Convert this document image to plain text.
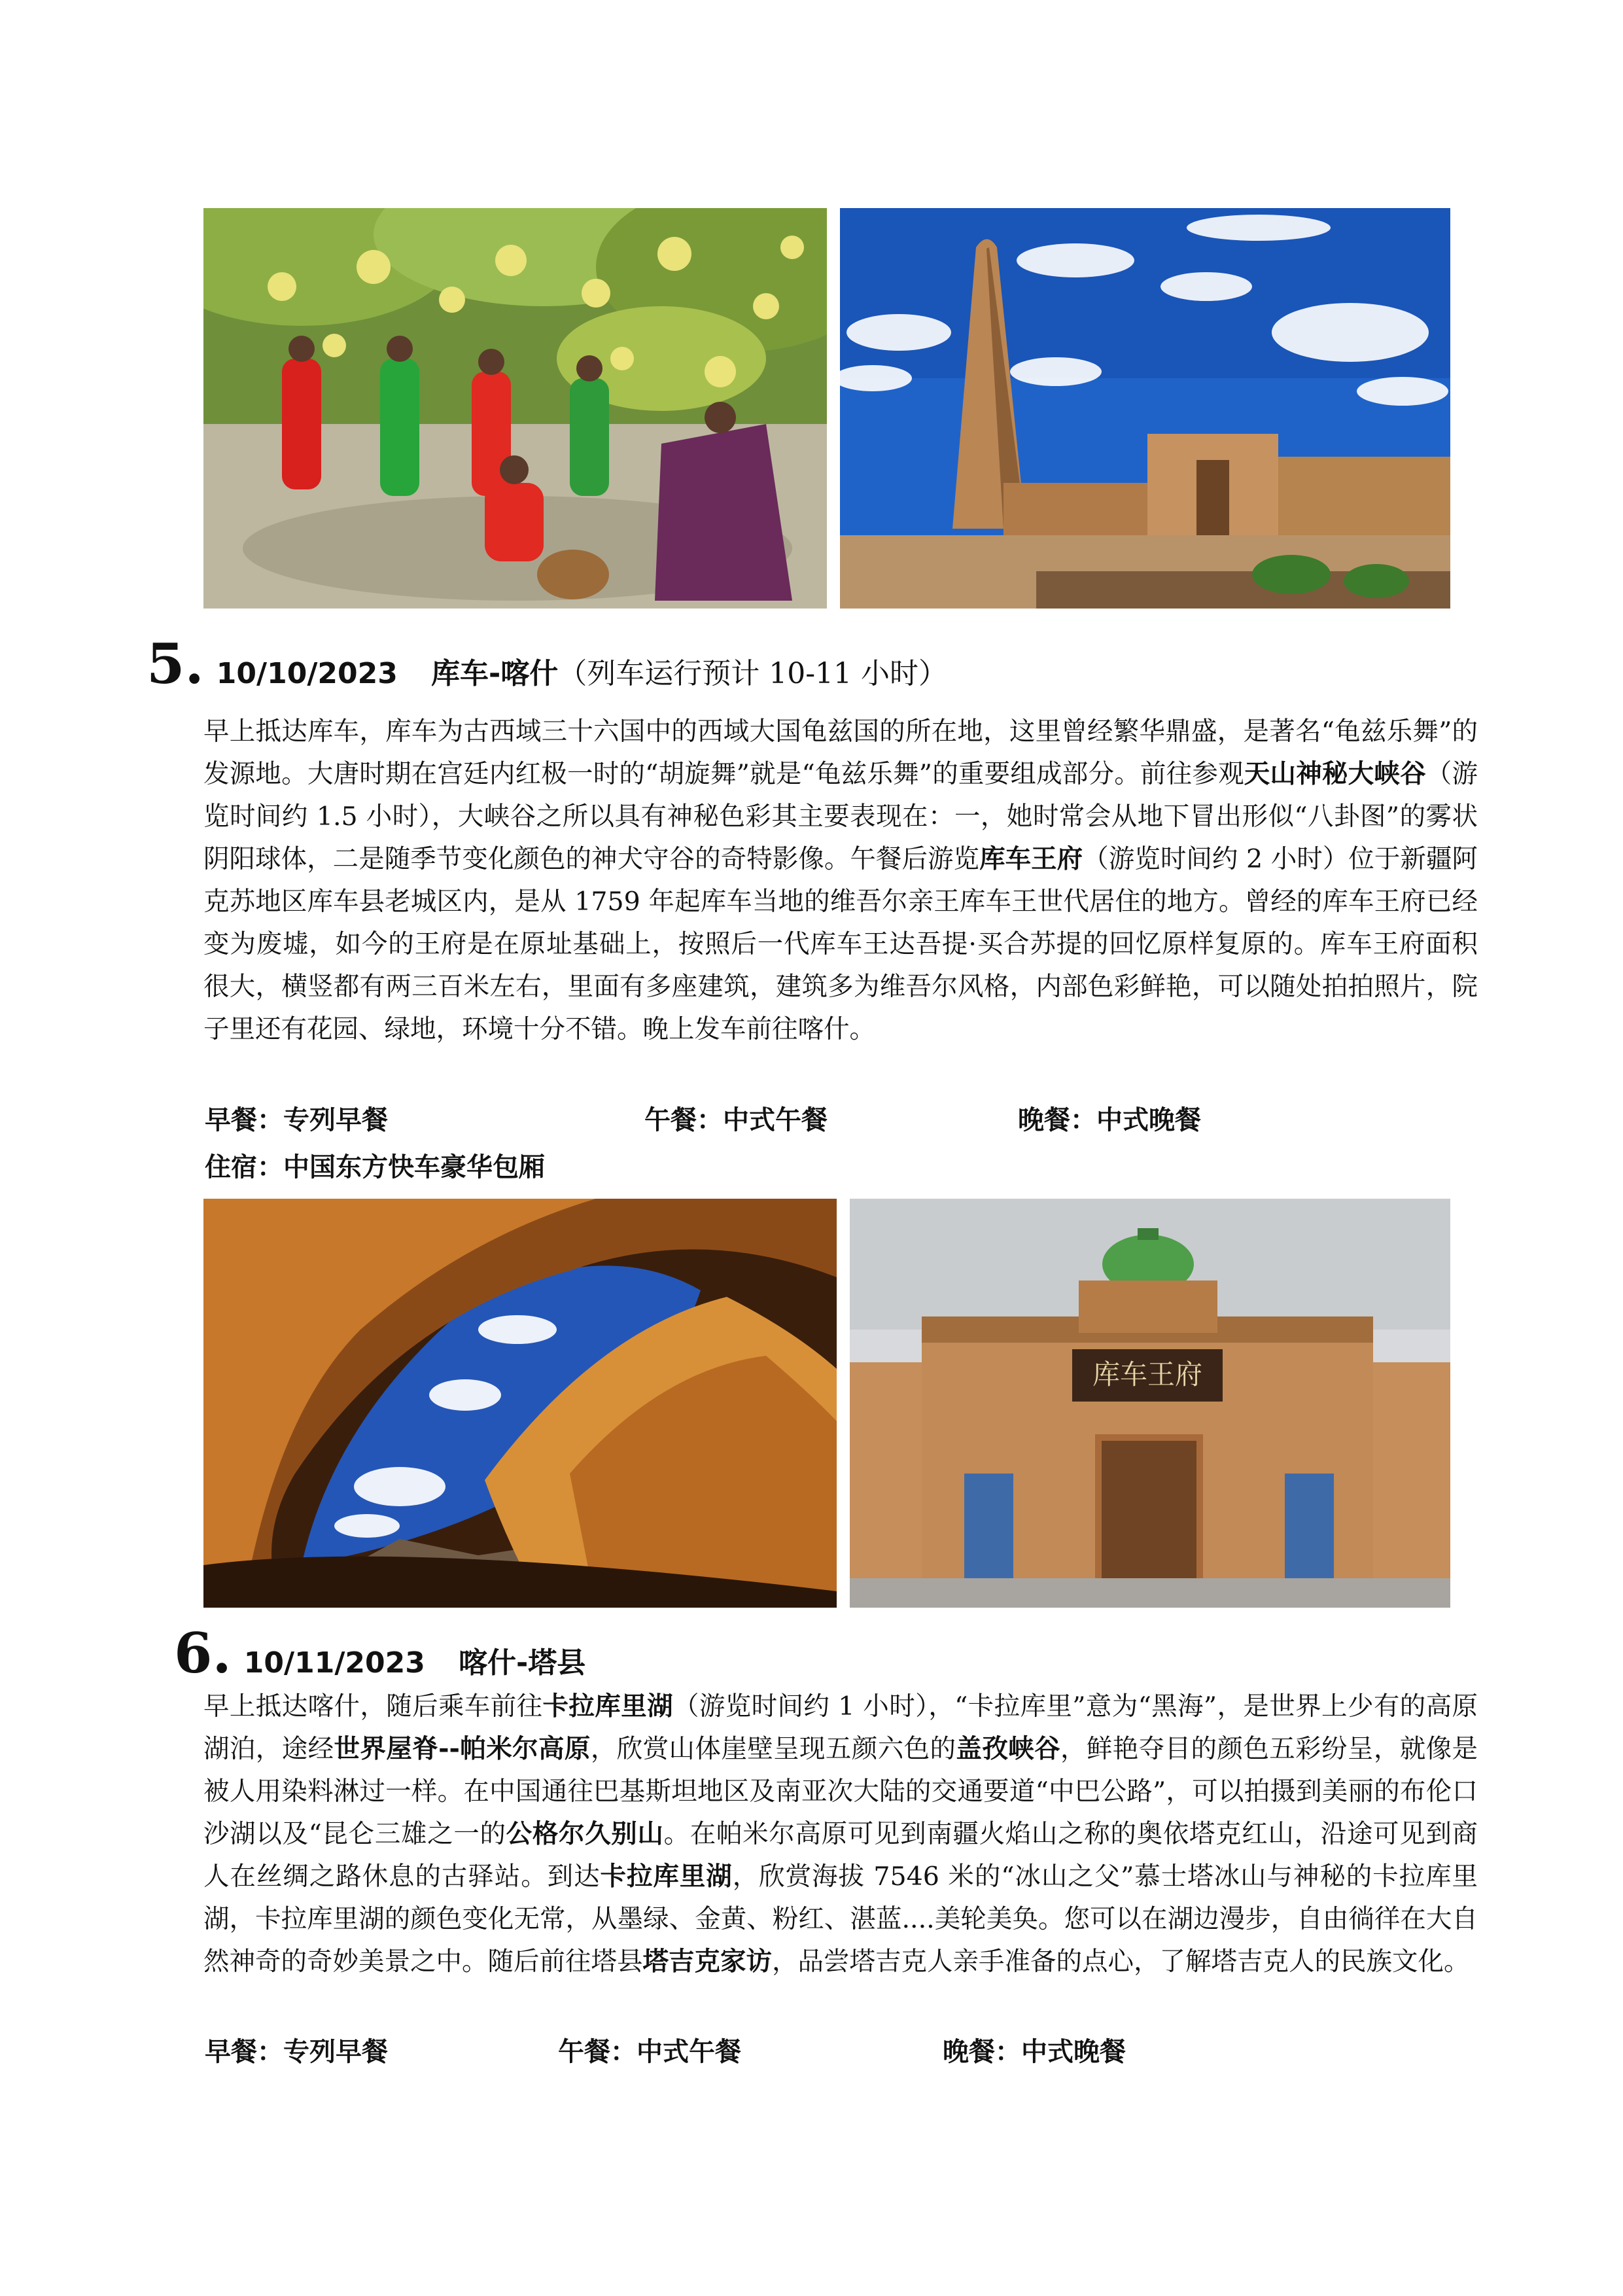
5. 10/10/2023 库车-喀什（列车运行预计 10-11 小时）
早上抵达库车，库车为古西域三十六国中的西域大国龟兹国的所在地，这里曾经繁华鼎盛，是著名“龟兹乐舞”的发源地。大唐时期在宫廷内红极一时的“胡旋舞”就是“龟兹乐舞”的重要组成部分。前往参观天山神秘大峡谷（游览时间约 1.5 小时），大峡谷之所以具有神秘色彩其主要表现在：一，她时常会从地下冒出形似“八卦图”的雾状阴阳球体，二是随季节变化颜色的神犬守谷的奇特影像。午餐后游览库车王府（游览时间约 2 小时）位于新疆阿克苏地区库车县老城区内，是从 1759 年起库车当地的维吾尔亲王库车王世代居住的地方。曾经的库车王府已经变为废墟，如今的王府是在原址基础上，按照后一代库车王达吾提·买合苏提的回忆原样复原的。库车王府面积很大，横竖都有两三百米左右，里面有多座建筑，建筑多为维吾尔风格，内部色彩鲜艳，可以随处拍拍照片，院子里还有花园、绿地，环境十分不错。晚上发车前往喀什。
早餐：专列早餐	午餐：中式午餐	晚餐：中式晚餐
住宿：中国东方快车豪华包厢
库车王府
6. 10/11/2023 喀什-塔县
早上抵达喀什，随后乘车前往卡拉库里湖（游览时间约 1 小时），“卡拉库里”意为“黑海”，是世界上少有的高原湖泊，途经世界屋脊--帕米尔高原，欣赏山体崖壁呈现五颜六色的盖孜峡谷，鲜艳夺目的颜色五彩纷呈，就像是被人用染料淋过一样。在中国通往巴基斯坦地区及南亚次大陆的交通要道“中巴公路”，可以拍摄到美丽的布伦口沙湖以及“昆仑三雄之一的公格尔久别山。在帕米尔高原可见到南疆火焰山之称的奥依塔克红山，沿途可见到商人在丝绸之路休息的古驿站。到达卡拉库里湖，欣赏海拔 7546 米的“冰山之父”慕士塔冰山与神秘的卡拉库里湖，卡拉库里湖的颜色变化无常，从墨绿、金黄、粉红、湛蓝....美轮美奂。您可以在湖边漫步，自由徜徉在大自然神奇的奇妙美景之中。随后前往塔县塔吉克家访，品尝塔吉克人亲手准备的点心，了解塔吉克人的民族文化。
早餐：专列早餐	午餐：中式午餐	晚餐：中式晚餐
